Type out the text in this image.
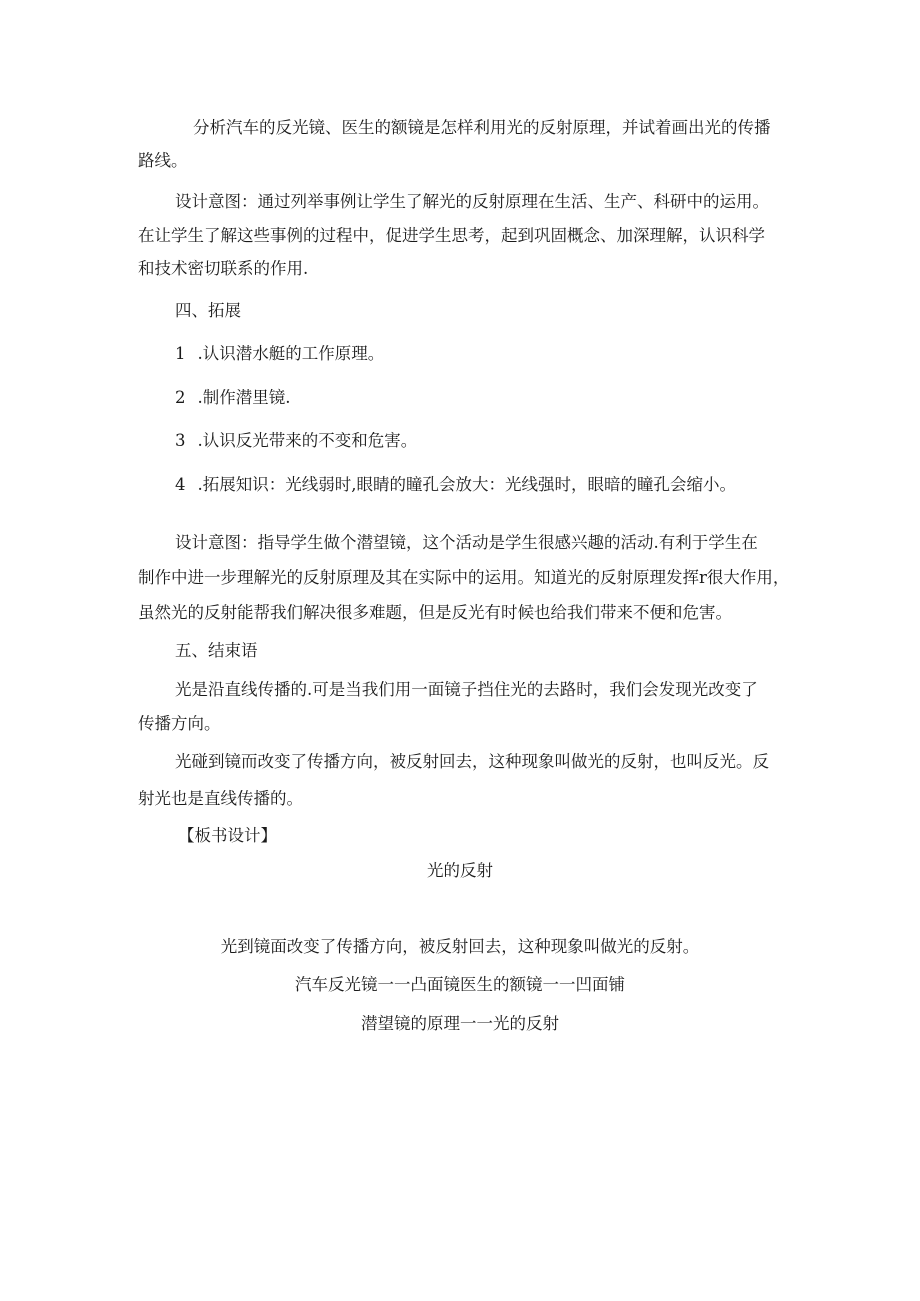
分析汽车的反光镜、医生的额镜是怎样利用光的反射原理，并试着画出光的传播
路线。
设计意图：通过列举事例让学生了解光的反射原理在生活、生产、科研中的运用。
在让学生了解这些事例的过程中，促进学生思考，起到巩固概念、加深理解，认识科学
和技术密切联系的作用.
四、拓展
1 .认识潜水艇的工作原理。
2 .制作潜里镜.
3 .认识反光带来的不变和危害。
4 .拓展知识：光线弱时,眼睛的瞳孔会放大：光线强时，眼暗的瞳孔会缩小。
设计意图：指导学生做个潜望镜，这个活动是学生很感兴趣的活动.有利于学生在
制作中进一步理解光的反射原理及其在实际中的运用。知道光的反射原理发挥r很大作用，
虽然光的反射能帮我们解决很多难题，但是反光有时候也给我们带来不便和危害。
五、结束语
光是沿直线传播的.可是当我们用一面镜子挡住光的去路时，我们会发现光改变了
传播方向。
光碰到镜而改变了传播方向，被反射回去，这种现象叫做光的反射，也叫反光。反
射光也是直线传播的。
【板书设计】
光的反射
光到镜面改变了传播方向，被反射回去，这种现象叫做光的反射。
汽车反光镜一一凸面镜医生的额镜一一凹面铺
潜望镜的原理一一光的反射
